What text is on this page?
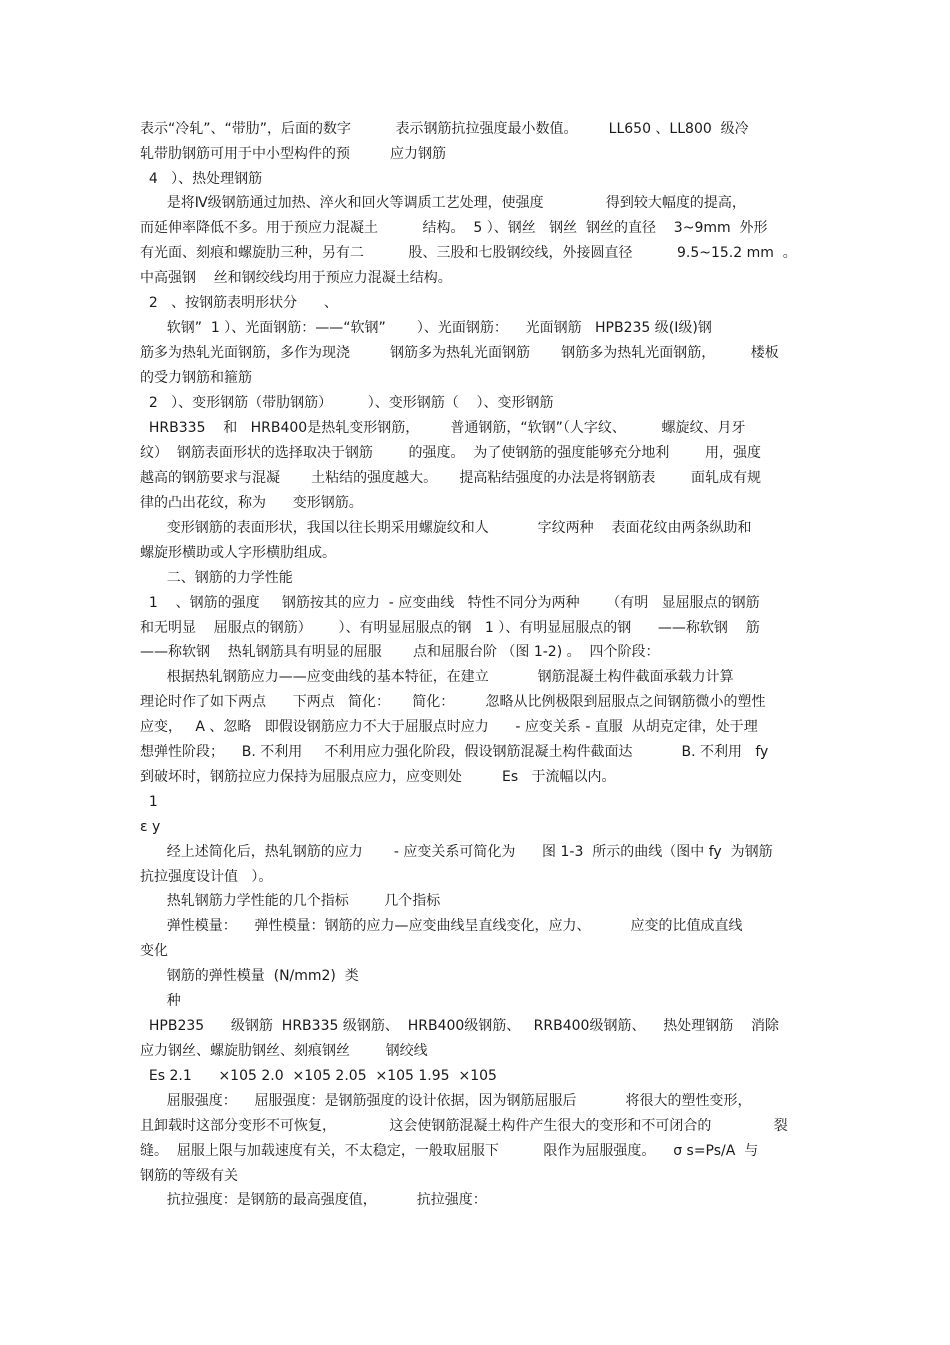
表示“冷轧”、“带肋”，后面的数字          表示钢筋抗拉强度最小数值。       LL650 、LL800  级冷
轧带肋钢筋可用于中小型构件的预         应力钢筋
4   ）、热处理钢筋
是将Ⅳ级钢筋通过加热、淬火和回火等调质工艺处理，使强度              得到较大幅度的提高，
而延伸率降低不多。用于预应力混凝土          结构。  5 ）、钢丝   钢丝  钢丝的直径    3~9mm  外形
有光面、刻痕和螺旋肋三种，另有二          股、三股和七股钢绞线，外接圆直径          9.5~15.2 mm  。
中高强钢    丝和钢绞线均用于预应力混凝土结构。
2   、按钢筋表明形状分      、
软钢”  1 ）、光面钢筋：——“软钢”       ）、光面钢筋：    光面钢筋   HPB235 级(Ⅰ级)钢
筋多为热轧光面钢筋，多作为现浇         钢筋多为热轧光面钢筋       钢筋多为热轧光面钢筋，        楼板
的受力钢筋和箍筋
2   ）、变形钢筋（带肋钢筋）        ）、变形钢筋（    ）、变形钢筋
HRB335    和   HRB400是热轧变形钢筋，       普通钢筋，“软钢”（人字纹、        螺旋纹、月牙
纹）  钢筋表面形状的选择取决于钢筋        的强度。  为了使钢筋的强度能够充分地利        用，强度
越高的钢筋要求与混凝       土粘结的强度越大。     提高粘结强度的办法是将钢筋表        面轧成有规
律的凸出花纹，称为      变形钢筋。
变形钢筋的表面形状，我国以往长期采用螺旋纹和人           字纹两种    表面花纹由两条纵助和
螺旋形横助或人字形横肋组成。
二、钢筋的力学性能
1    、钢筋的强度     钢筋按其的应力  - 应变曲线   特性不同分为两种      （有明   显屈服点的钢筋
和无明显    屈服点的钢筋）      ）、有明显屈服点的钢   1 ）、有明显屈服点的钢      ——称软钢    筋
——称软钢    热轧钢筋具有明显的屈服       点和屈服台阶 （图 1-2) 。  四个阶段：
根据热轧钢筋应力——应变曲线的基本特征，在建立           钢筋混凝土构件截面承载力计算
理论时作了如下两点      下两点   简化：     简化：       忽略从比例极限到屈服点之间钢筋微小的塑性
应变，   A 、忽略   即假设钢筋应力不大于屈服点时应力      - 应变关系 - 直服  从胡克定律，处于理
想弹性阶段；    B. 不利用     不利用应力强化阶段，假设钢筋混凝土构件截面达           B. 不利用   fy
到破坏时，钢筋拉应力保持为屈服点应力，应变则处         Es   于流幅以内。
1
ε y
经上述简化后，热轧钢筋的应力       - 应变关系可简化为      图 1-3  所示的曲线（图中 fy  为钢筋
抗拉强度设计值   ）。
热轧钢筋力学性能的几个指标        几个指标
弹性模量：    弹性模量：钢筋的应力—应变曲线呈直线变化，应力、         应变的比值成直线
变化
钢筋的弹性模量  (N/mm2)  类
种
HPB235      级钢筋  HRB335 级钢筋、  HRB400级钢筋、   RRB400级钢筋、    热处理钢筋    消除
应力钢丝、螺旋肋钢丝、刻痕钢丝        钢绞线
Es 2.1      ×105 2.0  ×105 2.05  ×105 1.95  ×105
屈服强度：    屈服强度：是钢筋强度的设计依据，因为钢筋屈服后           将很大的塑性变形，
且卸载时这部分变形不可恢复，            这会使钢筋混凝土构件产生很大的变形和不可闭合的              裂
缝。  屈服上限与加载速度有关，不太稳定，一般取屈服下          限作为屈服强度。    σ s=Ps/A  与
钢筋的等级有关
抗拉强度：是钢筋的最高强度值，         抗拉强度：
